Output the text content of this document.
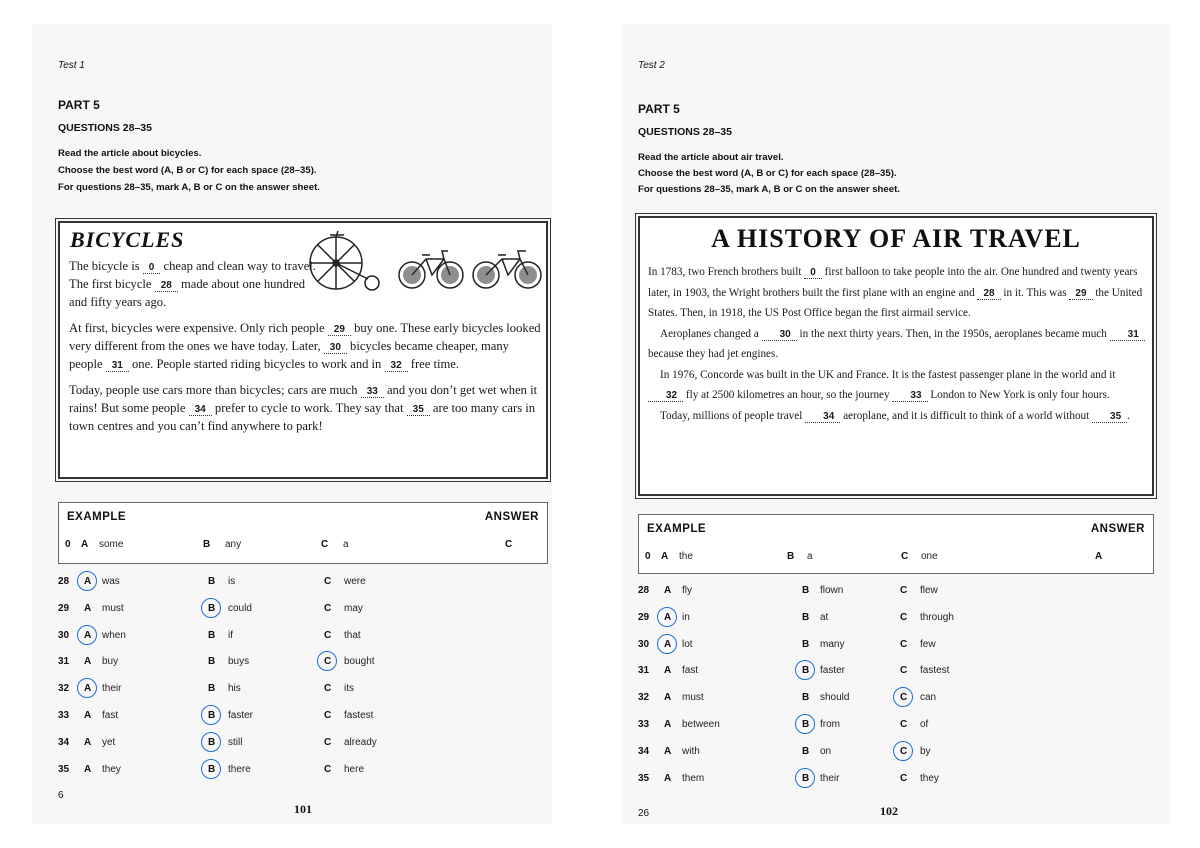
Test 1
PART 5
QUESTIONS 28–35
Read the article about bicycles.
Choose the best word (A, B or C) for each space (28–35).
For questions 28–35, mark A, B or C on the answer sheet.
BICYCLES

The bicycle is 0 cheap and clean way to travel. The first bicycle 28 made about one hundred and fifty years ago.

At first, bicycles were expensive. Only rich people 29 buy one. These early bicycles looked very different from the ones we have today. Later, 30 bicycles became cheaper, many people 31 one. People started riding bicycles to work and in 32 free time.

Today, people use cars more than bicycles; cars are much 33 and you don’t get wet when it rains! But some people 34 prefer to cycle to work. They say that 35 are too many cars in town centres and you can’t find anywhere to park!

EXAMPLE	ANSWER
0 A some	B any	C a	C
28 A was	B is	C were
29 A must	B could	C may
30 A when	B if	C that
31 A buy	B buys	C bought
32 A their	B his	C its
33 A fast	B faster	C fastest
34 A yet	B still	C already
35 A they	B there	C here
6
101
Test 2
PART 5
QUESTIONS 28–35
Read the article about air travel.
Choose the best word (A, B or C) for each space (28–35).
For questions 28–35, mark A, B or C on the answer sheet.
A HISTORY OF AIR TRAVEL

In 1783, two French brothers built 0 first balloon to take people into the air. One hundred and twenty years later, in 1903, the Wright brothers built the first plane with an engine and 28 in it. This was 29 the United States. Then, in 1918, the US Post Office began the first airmail service.

Aeroplanes changed a 30 in the next thirty years. Then, in the 1950s, aeroplanes became much 31 because they had jet engines.

In 1976, Concorde was built in the UK and France. It is the fastest passenger plane in the world and it 32 fly at 2500 kilometres an hour, so the journey 33 London to New York is only four hours.

Today, millions of people travel 34 aeroplane, and it is difficult to think of a world without 35 .

EXAMPLE	ANSWER
0 A the	B a	C one	A
28 A fly	B flown	C flew
29 A in	B at	C through
30 A lot	B many	C few
31 A fast	B faster	C fastest
32 A must	B should	C can
33 A between	B from	C of
34 A with	B on	C by
35 A them	B their	C they
26	102
